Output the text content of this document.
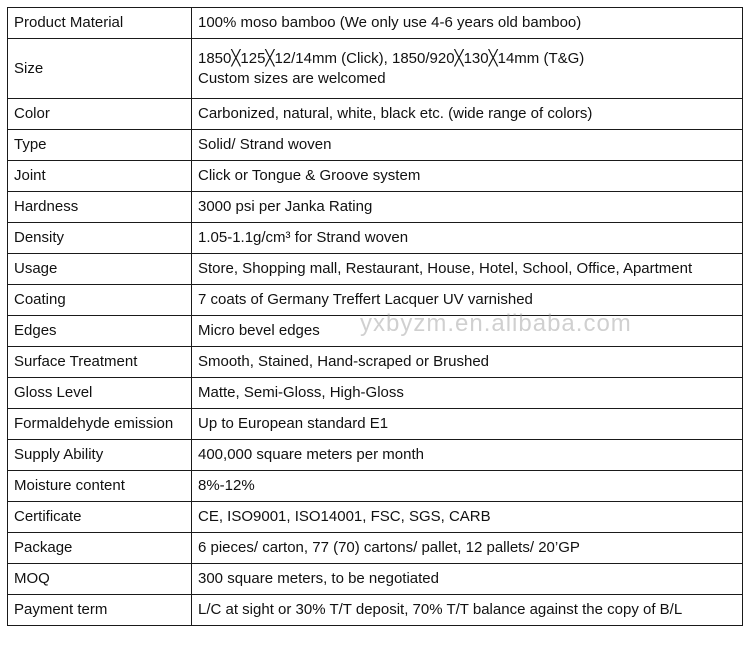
Product Material	100% moso bamboo (We only use 4-6 years old bamboo)
Size	1850╳125╳12/14mm (Click), 1850/920╳130╳14mm (T&G)
Custom sizes are welcomed

Color	Carbonized, natural, white, black etc. (wide range of colors)
Type	Solid/ Strand woven
Joint	Click or Tongue & Groove system
Hardness	3000 psi per Janka Rating
Density	1.05-1.1g/cm³ for Strand woven
Usage	Store, Shopping mall, Restaurant, House, Hotel, School, Office, Apartment
Coating	7 coats of Germany Treffert Lacquer UV varnished
Edges	Micro bevel edges
Surface Treatment	Smooth, Stained, Hand-scraped or Brushed
Gloss Level	Matte, Semi-Gloss, High-Gloss
Formaldehyde emission	Up to European standard E1
Supply Ability	400,000 square meters per month
Moisture content	8%-12%
Certificate	CE, ISO9001, ISO14001, FSC, SGS, CARB
Package	6 pieces/ carton, 77 (70) cartons/ pallet, 12 pallets/ 20’GP
MOQ	300 square meters, to be negotiated
Payment term	L/C at sight or 30% T/T deposit, 70% T/T balance against the copy of B/L
yxbyzm.en.alibaba.com
